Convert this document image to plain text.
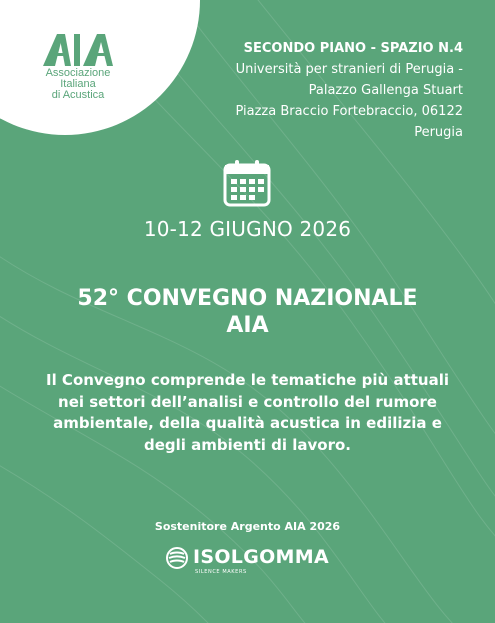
Associazione
Italiana
di Acustica
SECONDO PIANO - SPAZIO N.4
Università per stranieri di Perugia -
Palazzo Gallenga Stuart
Piazza Braccio Fortebraccio, 06122
Perugia
10-12 GIUGNO 2026
52° CONVEGNO NAZIONALE
AIA
Il Convegno comprende le tematiche più attuali
nei settori dell’analisi e controllo del rumore
ambientale, della qualità acustica in edilizia e
degli ambienti di lavoro.
Sostenitore Argento AIA 2026
ISOLGOMMA
SILENCE MAKERS
